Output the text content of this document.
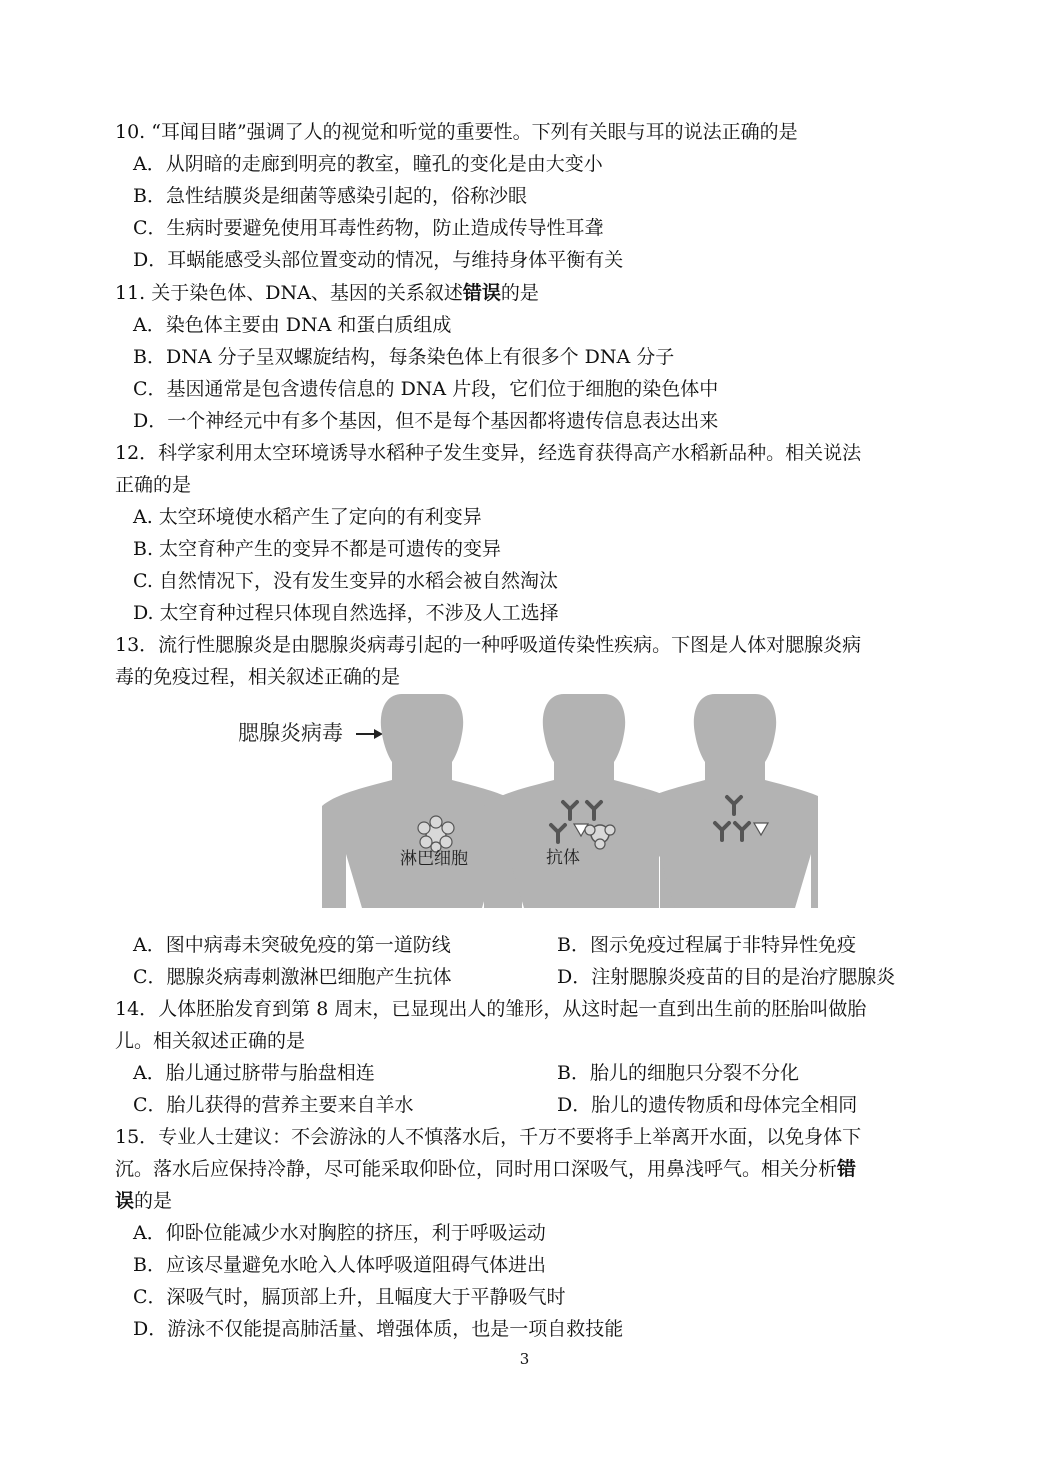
10. “耳闻目睹”强调了人的视觉和听觉的重要性。下列有关眼与耳的说法正确的是
A．从阴暗的走廊到明亮的教室，瞳孔的变化是由大变小
B．急性结膜炎是细菌等感染引起的，俗称沙眼
C．生病时要避免使用耳毒性药物，防止造成传导性耳聋
D．耳蜗能感受头部位置变动的情况，与维持身体平衡有关
11. 关于染色体、DNA、基因的关系叙述错误的是
A．染色体主要由 DNA 和蛋白质组成
B．DNA 分子呈双螺旋结构，每条染色体上有很多个 DNA 分子
C．基因通常是包含遗传信息的 DNA 片段，它们位于细胞的染色体中
D．一个神经元中有多个基因，但不是每个基因都将遗传信息表达出来
12．科学家利用太空环境诱导水稻种子发生变异，经选育获得高产水稻新品种。相关说法
正确的是
A. 太空环境使水稻产生了定向的有利变异
B. 太空育种产生的变异不都是可遗传的变异
C. 自然情况下，没有发生变异的水稻会被自然淘汰
D. 太空育种过程只体现自然选择，不涉及人工选择
13．流行性腮腺炎是由腮腺炎病毒引起的一种呼吸道传染性疾病。下图是人体对腮腺炎病
毒的免疫过程，相关叙述正确的是
腮腺炎病毒
淋巴细胞	抗体
A．图中病毒未突破免疫的第一道防线	B．图示免疫过程属于非特异性免疫
C．腮腺炎病毒刺激淋巴细胞产生抗体	D．注射腮腺炎疫苗的目的是治疗腮腺炎
14．人体胚胎发育到第 8 周末，已显现出人的雏形，从这时起一直到出生前的胚胎叫做胎
儿。相关叙述正确的是
A．胎儿通过脐带与胎盘相连	B．胎儿的细胞只分裂不分化
C．胎儿获得的营养主要来自羊水	D．胎儿的遗传物质和母体完全相同
15．专业人士建议：不会游泳的人不慎落水后，千万不要将手上举离开水面，以免身体下
沉。落水后应保持冷静，尽可能采取仰卧位，同时用口深吸气，用鼻浅呼气。相关分析错
误的是
A．仰卧位能减少水对胸腔的挤压，利于呼吸运动
B．应该尽量避免水呛入人体呼吸道阻碍气体进出
C．深吸气时，膈顶部上升，且幅度大于平静吸气时
D．游泳不仅能提高肺活量、增强体质，也是一项自救技能
3
